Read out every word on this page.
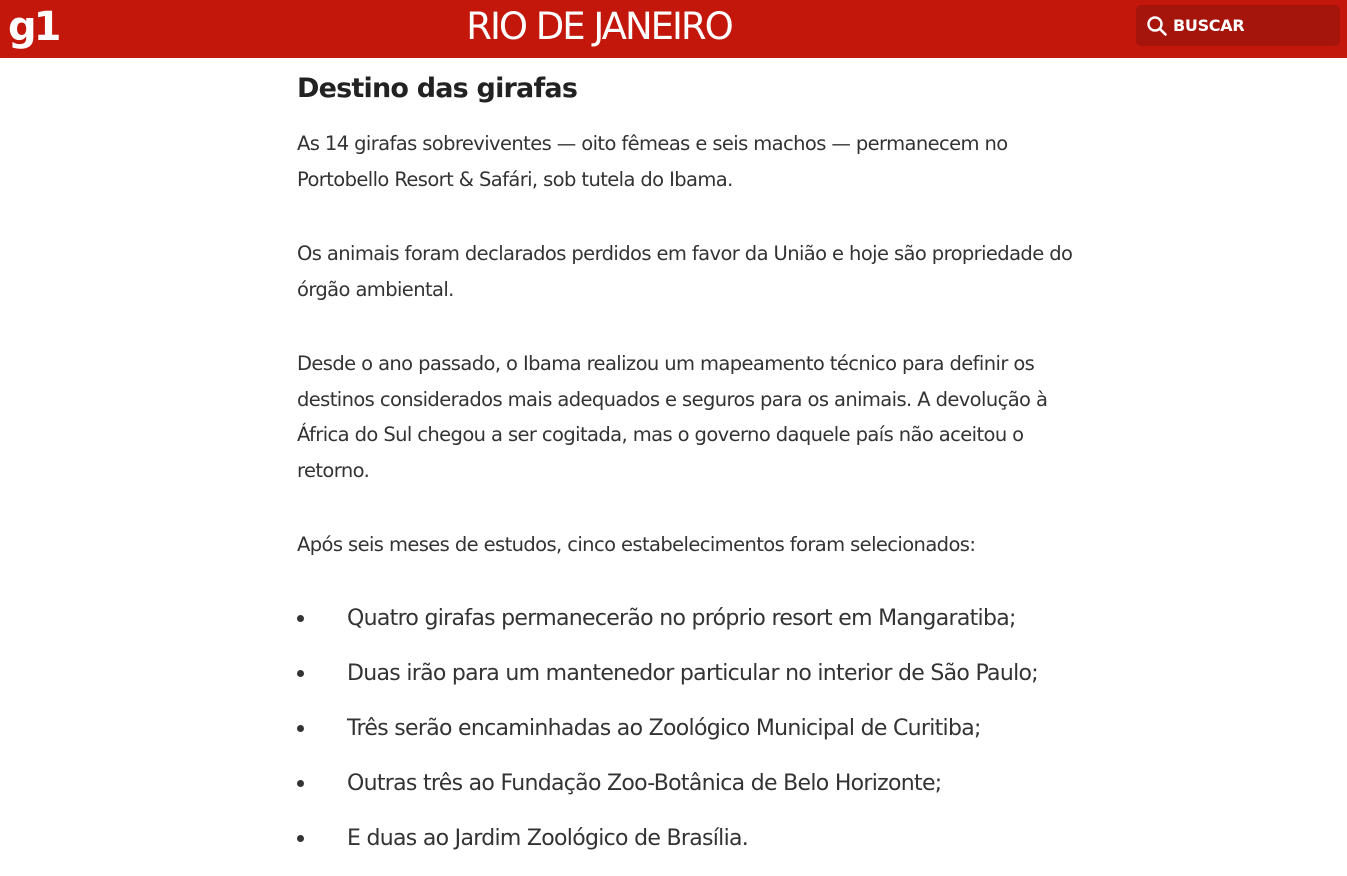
g1	RIO DE JANEIRO	BUSCAR
Destino das girafas

As 14 girafas sobreviventes — oito fêmeas e seis machos — permanecem no Portobello Resort & Safári, sob tutela do Ibama.

Os animais foram declarados perdidos em favor da União e hoje são propriedade do órgão ambiental.

Desde o ano passado, o Ibama realizou um mapeamento técnico para definir os destinos considerados mais adequados e seguros para os animais. A devolução à África do Sul chegou a ser cogitada, mas o governo daquele país não aceitou o retorno.

Após seis meses de estudos, cinco estabelecimentos foram selecionados:

Quatro girafas permanecerão no próprio resort em Mangaratiba;
Duas irão para um mantenedor particular no interior de São Paulo;
Três serão encaminhadas ao Zoológico Municipal de Curitiba;
Outras três ao Fundação Zoo-Botânica de Belo Horizonte;
E duas ao Jardim Zoológico de Brasília.
